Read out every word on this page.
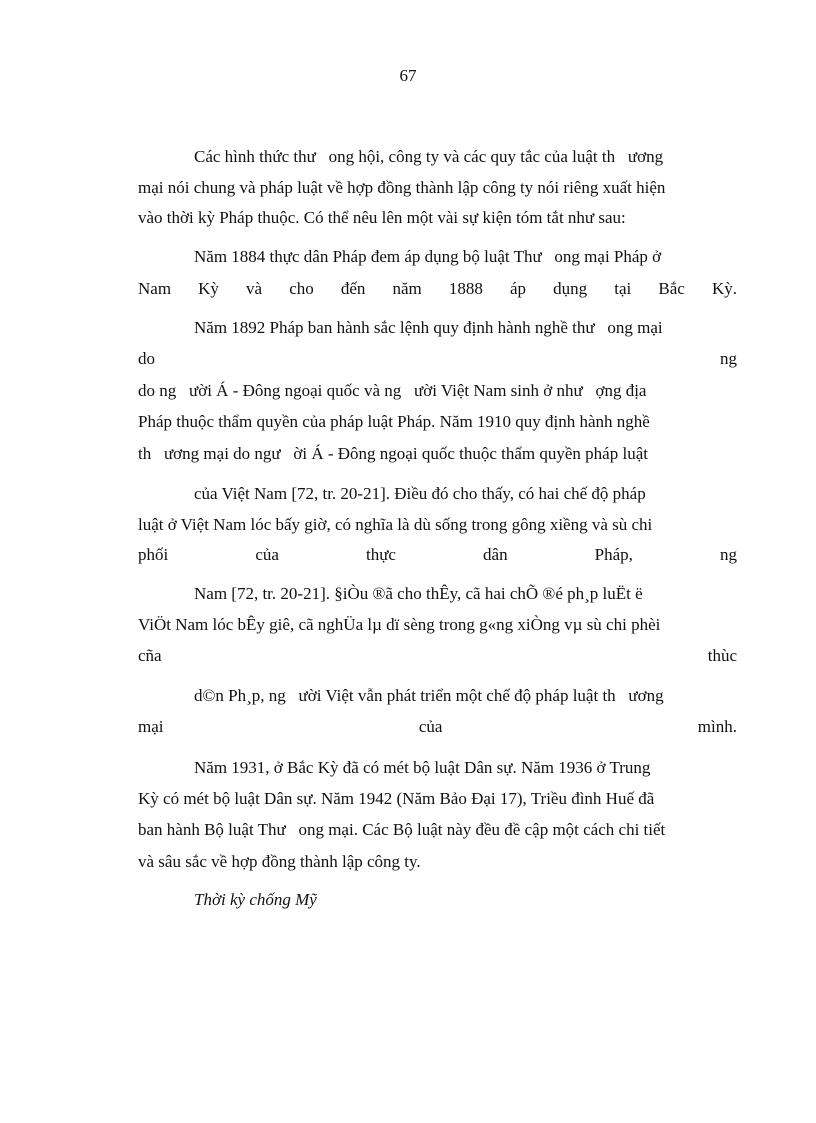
67

Các hình thức thư   ong hội, công ty và các quy tắc của luật th   ương

mại nói chung và pháp luật về hợp đồng thành lập công ty nói riêng xuất hiện

vào thời kỳ Pháp thuộc. Có thể nêu lên một vài sự kiện tóm tắt như sau:

Năm 1884 thực dân Pháp đem áp dụng bộ luật Thư   ong mại Pháp ở

Nam Kỳ và cho đến năm 1888 áp dụng tại Bắc Kỳ.

Năm 1892 Pháp ban hành sắc lệnh quy định hành nghề thư   ong mại

do	ng

do ng   ười Á - Đông ngoại quốc và ng   ười Việt Nam sinh ở như   ợng địa

Pháp thuộc thẩm quyền của pháp luật Pháp. Năm 1910 quy định hành nghề

th   ương mại do ngư   ời Á - Đông ngoại quốc thuộc thẩm quyền pháp luật

của Việt Nam [72, tr. 20-21]. Điều đó cho thấy, có hai chế độ pháp

luật ở Việt Nam lóc bấy giờ, có nghĩa là dù sống trong gông xiềng và sù chi

phối	của	thực	dân	Pháp,	ng

Nam [72, tr. 20-21]. §iÒu ®ã cho thÊy, cã hai chÕ ®é ph¸p luËt ë

ViÖt Nam lóc bÊy giê, cã nghÜa lµ dï sèng trong g«ng xiÒng vµ sù chi phèi

cña	thùc

d©n Ph¸p, ng   ười Việt vẫn phát triển một chế độ pháp luật th   ương

mại	của	mình.

Năm 1931, ở Bắc Kỳ đã có mét bộ luật Dân sự. Năm 1936 ở Trung

Kỳ có mét bộ luật Dân sự. Năm 1942 (Năm Bảo Đại 17), Triều đình Huế đã

ban hành Bộ luật Thư   ong mại. Các Bộ luật này đều đề cập một cách chi tiết

và sâu sắc về hợp đồng thành lập công ty.

Thời kỳ chống Mỹ
